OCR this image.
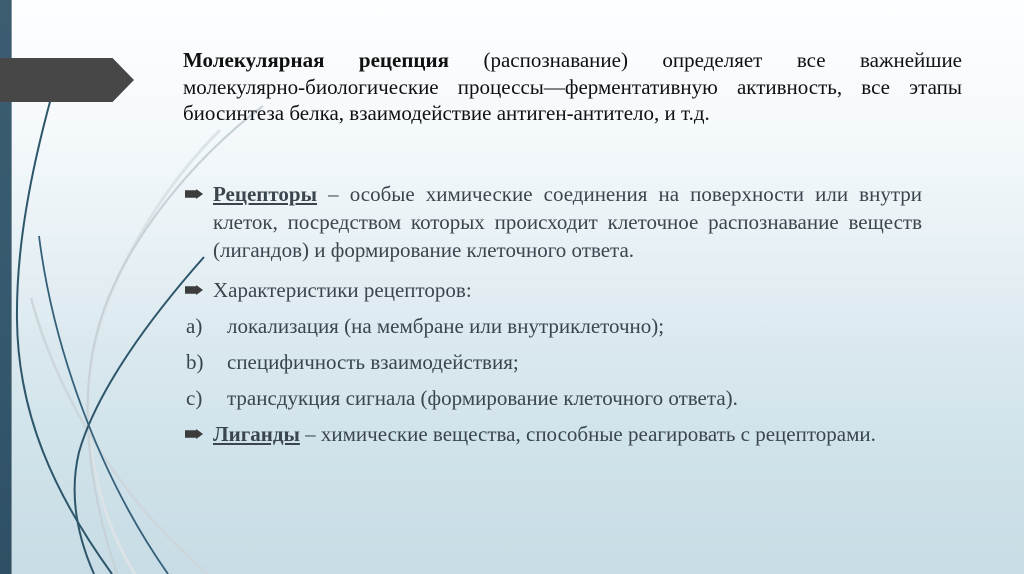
Молекулярная рецепция (распознавание) определяет все важнейшие
молекулярно-биологические процессы—ферментативную активность, все этапы
биосинтеза белка, взаимодействие антиген-антитело, и т.д.
Рецепторы – особые химические соединения на поверхности или внутри клеток, посредством которых происходит клеточное распознавание веществ (лигандов) и формирование клеточного ответа.
Характеристики рецепторов:
a) локализация (на мембране или внутриклеточно);
b) специфичность взаимодействия;
c) трансдукция сигнала (формирование клеточного ответа).
Лиганды – химические вещества, способные реагировать с рецепторами.
